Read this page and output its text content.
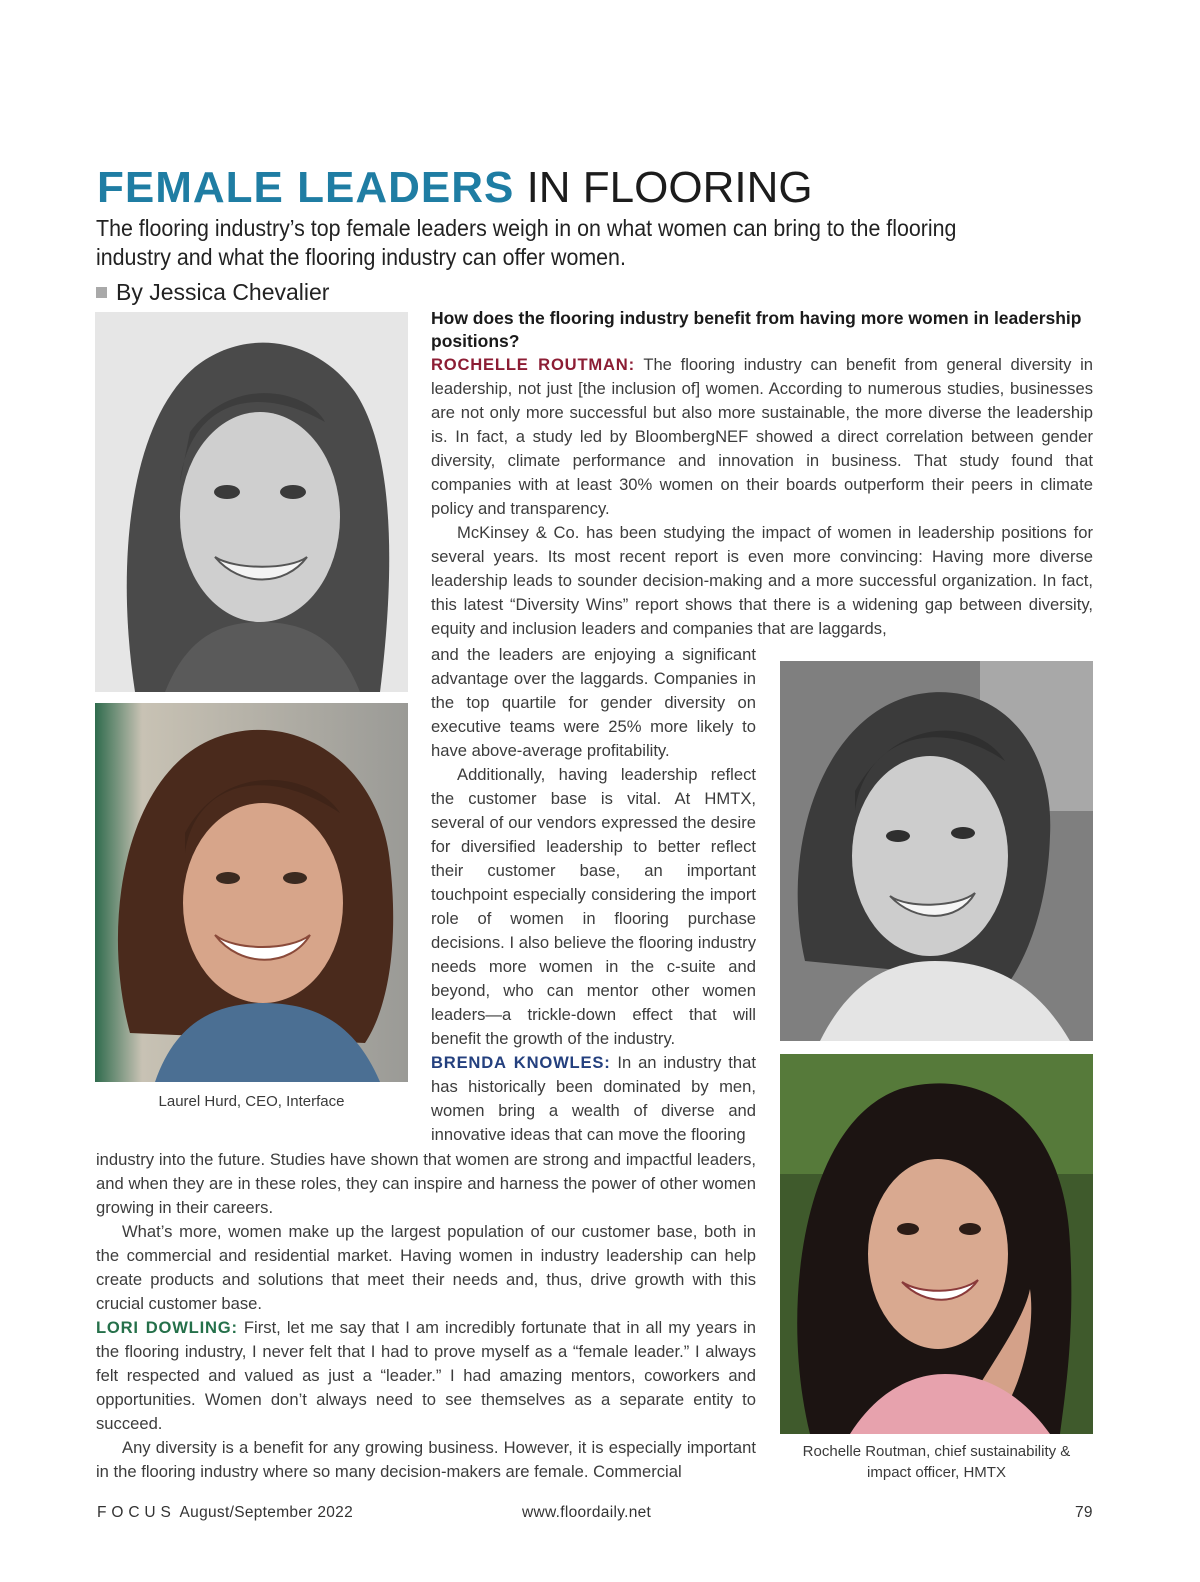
FEMALE LEADERS IN FLOORING

The flooring industry’s top female leaders weigh in on what women can bring to the flooring industry and what the flooring industry can offer women.

By Jessica Chevalier
Laurel Hurd, CEO, Interface
Rochelle Routman, chief sustainability & impact officer, HMTX

How does the flooring industry benefit from having more women in leadership positions?

ROCHELLE ROUTMAN: The flooring industry can benefit from general diversity in leadership, not just [the inclusion of] women. According to numerous studies, businesses are not only more successful but also more sustainable, the more diverse the leadership is. In fact, a study led by BloombergNEF showed a direct correlation between gender diversity, climate performance and innovation in business. That study found that companies with at least 30% women on their boards outperform their peers in climate policy and transparency.

McKinsey & Co. has been studying the impact of women in leadership positions for several years. Its most recent report is even more convincing: Having more diverse leadership leads to sounder decision-making and a more successful organization. In fact, this latest “Diversity Wins” report shows that there is a widening gap between diversity, equity and inclusion leaders and companies that are laggards,

and the leaders are enjoying a significant advantage over the laggards. Companies in the top quartile for gender diversity on executive teams were 25% more likely to have above-average profitability.

Additionally, having leadership reflect the customer base is vital. At HMTX, several of our vendors expressed the desire for diversified leadership to better reflect their customer base, an important touchpoint especially considering the import role of women in flooring purchase decisions. I also believe the flooring industry needs more women in the c-suite and beyond, who can mentor other women leaders—a trickle-down effect that will benefit the growth of the industry.

BRENDA KNOWLES: In an industry that has historically been dominated by men, women bring a wealth of diverse and innovative ideas that can move the flooring

industry into the future. Studies have shown that women are strong and impactful leaders, and when they are in these roles, they can inspire and harness the power of other women growing in their careers.

What’s more, women make up the largest population of our customer base, both in the commercial and residential market. Having women in industry leadership can help create products and solutions that meet their needs and, thus, drive growth with this crucial customer base.

LORI DOWLING: First, let me say that I am incredibly fortunate that in all my years in the flooring industry, I never felt that I had to prove myself as a “female leader.” I always felt respected and valued as just a “leader.” I had amazing mentors, coworkers and opportunities. Women don’t always need to see themselves as a separate entity to succeed.

Any diversity is a benefit for any growing business. However, it is especially important in the flooring industry where so many decision-makers are female. Commercial

F O C U S  August/September 2022	www.floordaily.net	79
